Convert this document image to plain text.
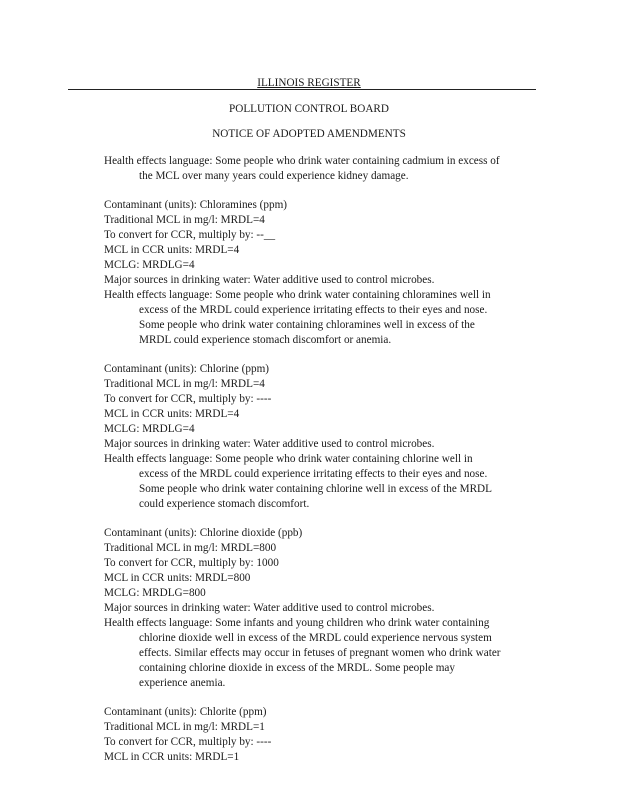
ILLINOIS REGISTER
POLLUTION CONTROL BOARD
NOTICE OF ADOPTED AMENDMENTS
Health effects language: Some people who drink water containing cadmium in excess of
the MCL over many years could experience kidney damage.
Contaminant (units): Chloramines (ppm)
Traditional MCL in mg/l: MRDL=4
To convert for CCR, multiply by: --__
MCL in CCR units: MRDL=4
MCLG: MRDLG=4
Major sources in drinking water: Water additive used to control microbes.
Health effects language: Some people who drink water containing chloramines well in
excess of the MRDL could experience irritating effects to their eyes and nose.
Some people who drink water containing chloramines well in excess of the
MRDL could experience stomach discomfort or anemia.
Contaminant (units): Chlorine (ppm)
Traditional MCL in mg/l: MRDL=4
To convert for CCR, multiply by: ----
MCL in CCR units: MRDL=4
MCLG: MRDLG=4
Major sources in drinking water: Water additive used to control microbes.
Health effects language: Some people who drink water containing chlorine well in
excess of the MRDL could experience irritating effects to their eyes and nose.
Some people who drink water containing chlorine well in excess of the MRDL
could experience stomach discomfort.
Contaminant (units): Chlorine dioxide (ppb)
Traditional MCL in mg/l: MRDL=800
To convert for CCR, multiply by: 1000
MCL in CCR units: MRDL=800
MCLG: MRDLG=800
Major sources in drinking water: Water additive used to control microbes.
Health effects language: Some infants and young children who drink water containing
chlorine dioxide well in excess of the MRDL could experience nervous system
effects. Similar effects may occur in fetuses of pregnant women who drink water
containing chlorine dioxide in excess of the MRDL. Some people may
experience anemia.
Contaminant (units): Chlorite (ppm)
Traditional MCL in mg/l: MRDL=1
To convert for CCR, multiply by: ----
MCL in CCR units: MRDL=1
